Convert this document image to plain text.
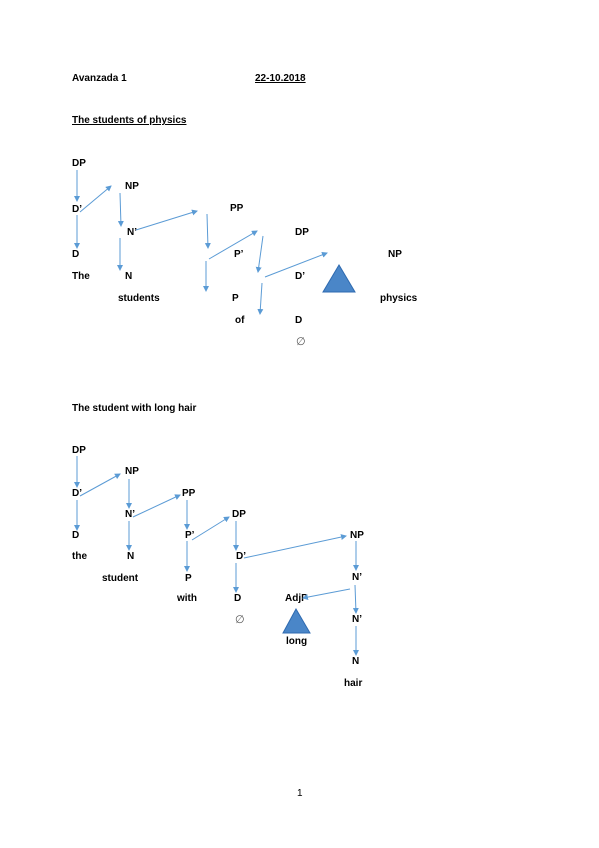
Avanzada 1	22-10.2018
The students of physics
DP
NP
D’	PP
N’	DP
D	P’	NP
The	N	D’
students	P	physics
of	D
∅
The student with long hair
DP
NP
D’	PP
N’	DP
D	P’	NP
the	N	D’
N’
student	P
with	D	AdjP
∅	N’
long
N
hair
1
